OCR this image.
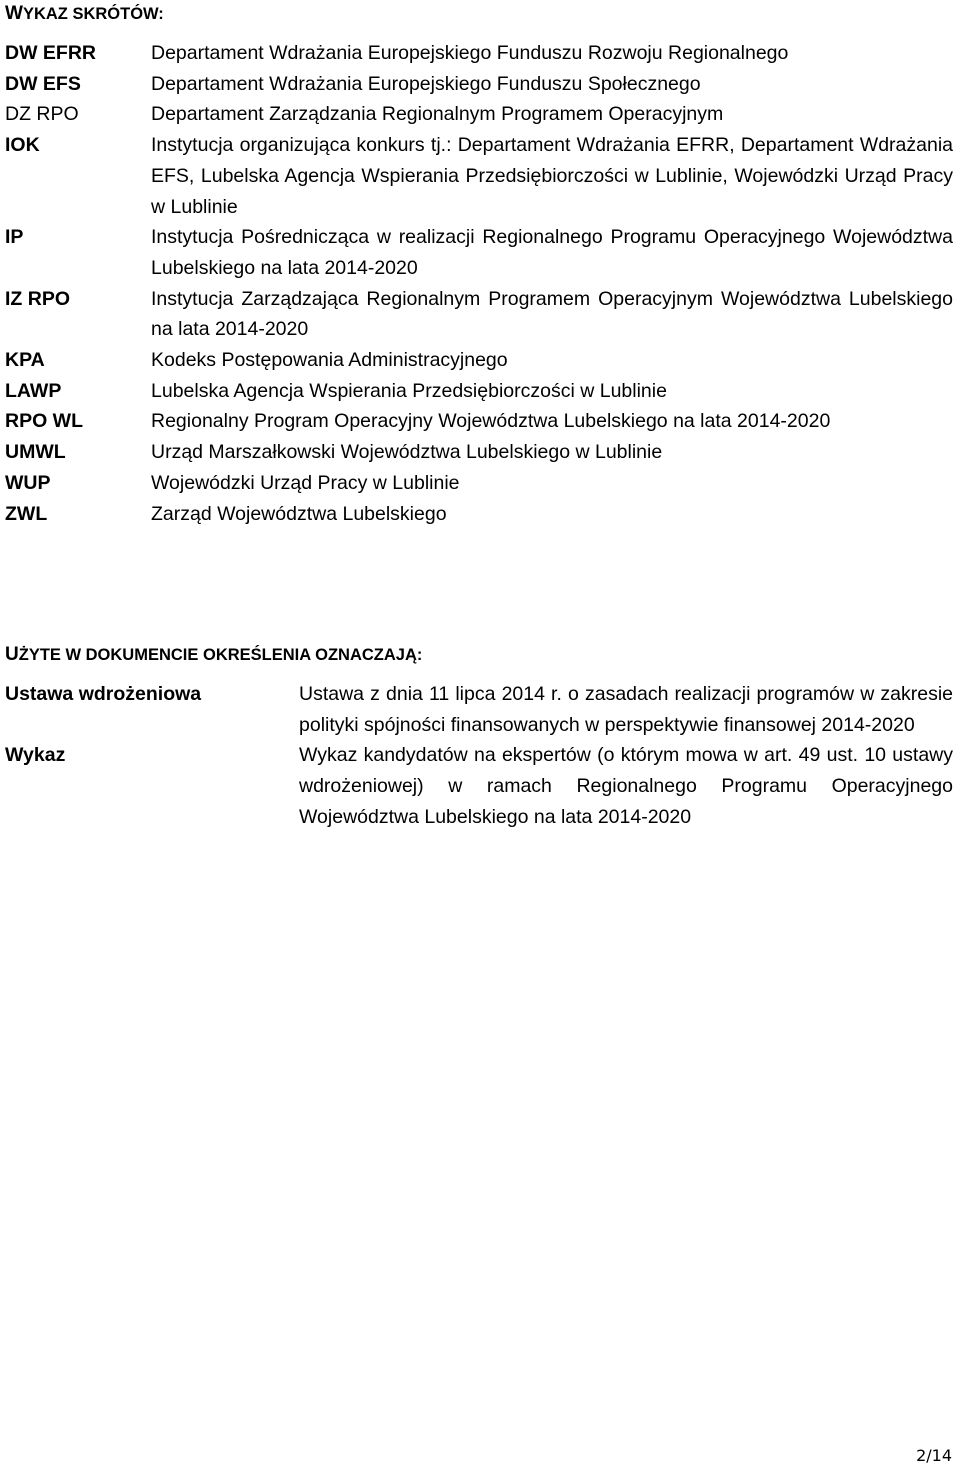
WYKAZ SKRÓTÓW:
DW EFRR	Departament Wdrażania Europejskiego Funduszu Rozwoju Regionalnego
DW EFS	Departament Wdrażania Europejskiego Funduszu Społecznego
DZ RPO	Departament Zarządzania Regionalnym Programem Operacyjnym
IOK	Instytucja organizująca konkurs tj.: Departament Wdrażania EFRR, Departament Wdrażania EFS, Lubelska Agencja Wspierania Przedsiębiorczości w Lublinie, Wojewódzki Urząd Pracy w Lublinie
IP	Instytucja Pośrednicząca w realizacji Regionalnego Programu Operacyjnego Województwa Lubelskiego na lata 2014-2020
IZ RPO	Instytucja Zarządzająca Regionalnym Programem Operacyjnym Województwa Lubelskiego na lata 2014-2020
KPA	Kodeks Postępowania Administracyjnego
LAWP	Lubelska Agencja Wspierania Przedsiębiorczości w Lublinie
RPO WL	Regionalny Program Operacyjny Województwa Lubelskiego na lata 2014-2020
UMWL	Urząd Marszałkowski Województwa Lubelskiego w Lublinie
WUP	Wojewódzki Urząd Pracy w Lublinie
ZWL	Zarząd Województwa Lubelskiego
UŻYTE W DOKUMENCIE OKREŚLENIA OZNACZAJĄ:
Ustawa wdrożeniowa	Ustawa z dnia 11 lipca 2014 r. o zasadach realizacji programów w zakresie polityki spójności finansowanych w perspektywie finansowej 2014-2020
Wykaz	Wykaz kandydatów na ekspertów (o którym mowa w art. 49 ust. 10 ustawy wdrożeniowej) w ramach Regionalnego Programu Operacyjnego Województwa Lubelskiego na lata 2014-2020
2/14
